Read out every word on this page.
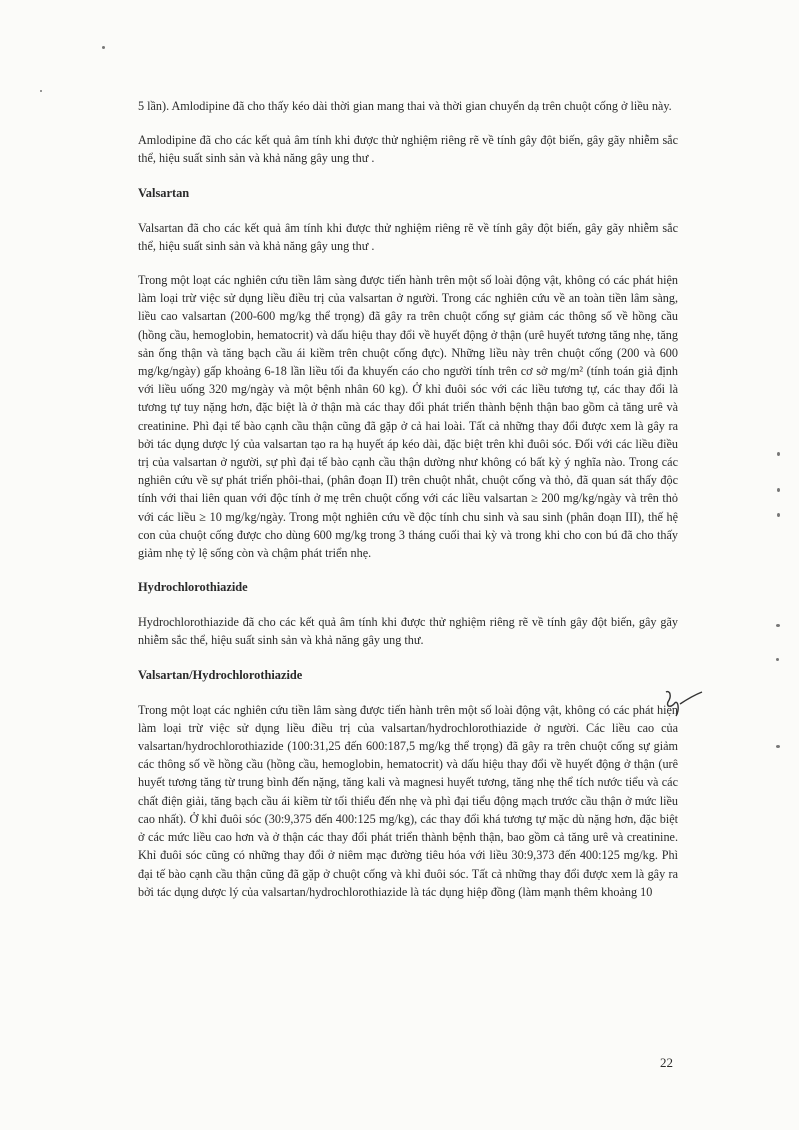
5 lần). Amlodipine đã cho thấy kéo dài thời gian mang thai và thời gian chuyển dạ trên chuột cống ở liều này.

Amlodipine đã cho các kết quả âm tính khi được thử nghiệm riêng rẽ về tính gây đột biến, gây gãy nhiễm sắc thể, hiệu suất sinh sản và khả năng gây ung thư .

Valsartan

Valsartan đã cho các kết quả âm tính khi được thử nghiệm riêng rẽ về tính gây đột biến, gây gãy nhiễm sắc thể, hiệu suất sinh sản và khả năng gây ung thư .

Trong một loạt các nghiên cứu tiền lâm sàng được tiến hành trên một số loài động vật, không có các phát hiện làm loại trừ việc sử dụng liều điều trị của valsartan ở người. Trong các nghiên cứu về an toàn tiền lâm sàng, liều cao valsartan (200-600 mg/kg thể trọng) đã gây ra trên chuột cống sự giảm các thông số về hồng cầu (hồng cầu, hemoglobin, hematocrit) và dấu hiệu thay đổi về huyết động ở thận (urê huyết tương tăng nhẹ, tăng sản ống thận và tăng bạch cầu ái kiềm trên chuột cống đực). Những liều này trên chuột cống (200 và 600 mg/kg/ngày) gấp khoảng 6-18 lần liều tối đa khuyến cáo cho người tính trên cơ sở mg/m² (tính toán giả định với liều uống 320 mg/ngày và một bệnh nhân 60 kg). Ở khỉ đuôi sóc với các liều tương tự, các thay đổi là tương tự tuy nặng hơn, đặc biệt là ở thận mà các thay đổi phát triển thành bệnh thận bao gồm cả tăng urê và creatinine. Phì đại tế bào cạnh cầu thận cũng đã gặp ở cả hai loài. Tất cả những thay đổi được xem là gây ra bởi tác dụng dược lý của valsartan tạo ra hạ huyết áp kéo dài, đặc biệt trên khỉ đuôi sóc. Đối với các liều điều trị của valsartan ở người, sự phì đại tế bào cạnh cầu thận dường như không có bất kỳ ý nghĩa nào. Trong các nghiên cứu về sự phát triển phôi-thai, (phân đoạn II) trên chuột nhắt, chuột cống và thỏ, đã quan sát thấy độc tính với thai liên quan với độc tính ở mẹ trên chuột cống với các liều valsartan ≥ 200 mg/kg/ngày và trên thỏ với các liều ≥ 10 mg/kg/ngày. Trong một nghiên cứu về độc tính chu sinh và sau sinh (phân đoạn III), thế hệ con của chuột cống được cho dùng 600 mg/kg trong 3 tháng cuối thai kỳ và trong khi cho con bú đã cho thấy giảm nhẹ tỷ lệ sống còn và chậm phát triển nhẹ.

Hydrochlorothiazide

Hydrochlorothiazide đã cho các kết quả âm tính khi được thử nghiệm riêng rẽ về tính gây đột biến, gây gãy nhiễm sắc thể, hiệu suất sinh sản và khả năng gây ung thư.

Valsartan/Hydrochlorothiazide

Trong một loạt các nghiên cứu tiền lâm sàng được tiến hành trên một số loài động vật, không có các phát hiện làm loại trừ việc sử dụng liều điều trị của valsartan/hydrochlorothiazide ở người. Các liều cao của valsartan/hydrochlorothiazide (100:31,25 đến 600:187,5 mg/kg thể trọng) đã gây ra trên chuột cống sự giảm các thông số về hồng cầu (hồng cầu, hemoglobin, hematocrit) và dấu hiệu thay đổi về huyết động ở thận (urê huyết tương tăng từ trung bình đến nặng, tăng kali và magnesi huyết tương, tăng nhẹ thể tích nước tiểu và các chất điện giải, tăng bạch cầu ái kiềm từ tối thiểu đến nhẹ và phì đại tiểu động mạch trước cầu thận ở mức liều cao nhất). Ở khỉ đuôi sóc (30:9,375 đến 400:125 mg/kg), các thay đổi khá tương tự mặc dù nặng hơn, đặc biệt ở các mức liều cao hơn và ở thận các thay đổi phát triển thành bệnh thận, bao gồm cả tăng urê và creatinine. Khỉ đuôi sóc cũng có những thay đổi ở niêm mạc đường tiêu hóa với liều 30:9,373 đến 400:125 mg/kg. Phì đại tế bào cạnh cầu thận cũng đã gặp ở chuột cống và khỉ đuôi sóc. Tất cả những thay đổi được xem là gây ra bởi tác dụng dược lý của valsartan/hydrochlorothiazide là tác dụng hiệp đồng (làm mạnh thêm khoảng 10

22
